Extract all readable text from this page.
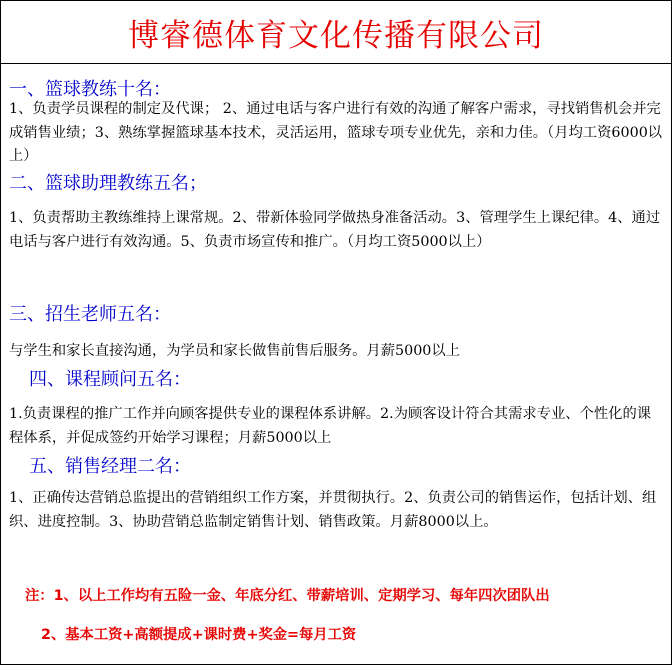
博睿德体育文化传播有限公司
一、篮球教练十名：
1、负责学员课程的制定及代课； 2、通过电话与客户进行有效的沟通了解客户需求，寻找销售机会并完成销售业绩；3、熟练掌握篮球基本技术，灵活运用，篮球专项专业优先，亲和力佳。（月均工资6000以上）
二、篮球助理教练五名；
1、负责帮助主教练维持上课常规。2、带新体验同学做热身准备活动。3、管理学生上课纪律。4、通过电话与客户进行有效沟通。5、负责市场宣传和推广。（月均工资5000以上）
三、招生老师五名：
与学生和家长直接沟通，为学员和家长做售前售后服务。月薪5000以上
四、课程顾问五名：
1.负责课程的推广工作并向顾客提供专业的课程体系讲解。2.为顾客设计符合其需求专业、个性化的课程体系，并促成签约开始学习课程；月薪5000以上
五、销售经理二名：
1、正确传达营销总监提出的营销组织工作方案，并贯彻执行。2、负责公司的销售运作，包括计划、组织、进度控制。3、协助营销总监制定销售计划、销售政策。月薪8000以上。
注：1、以上工作均有五险一金、年底分红、带薪培训、定期学习、每年四次团队出
2、基本工资+高额提成+课时费+奖金=每月工资
